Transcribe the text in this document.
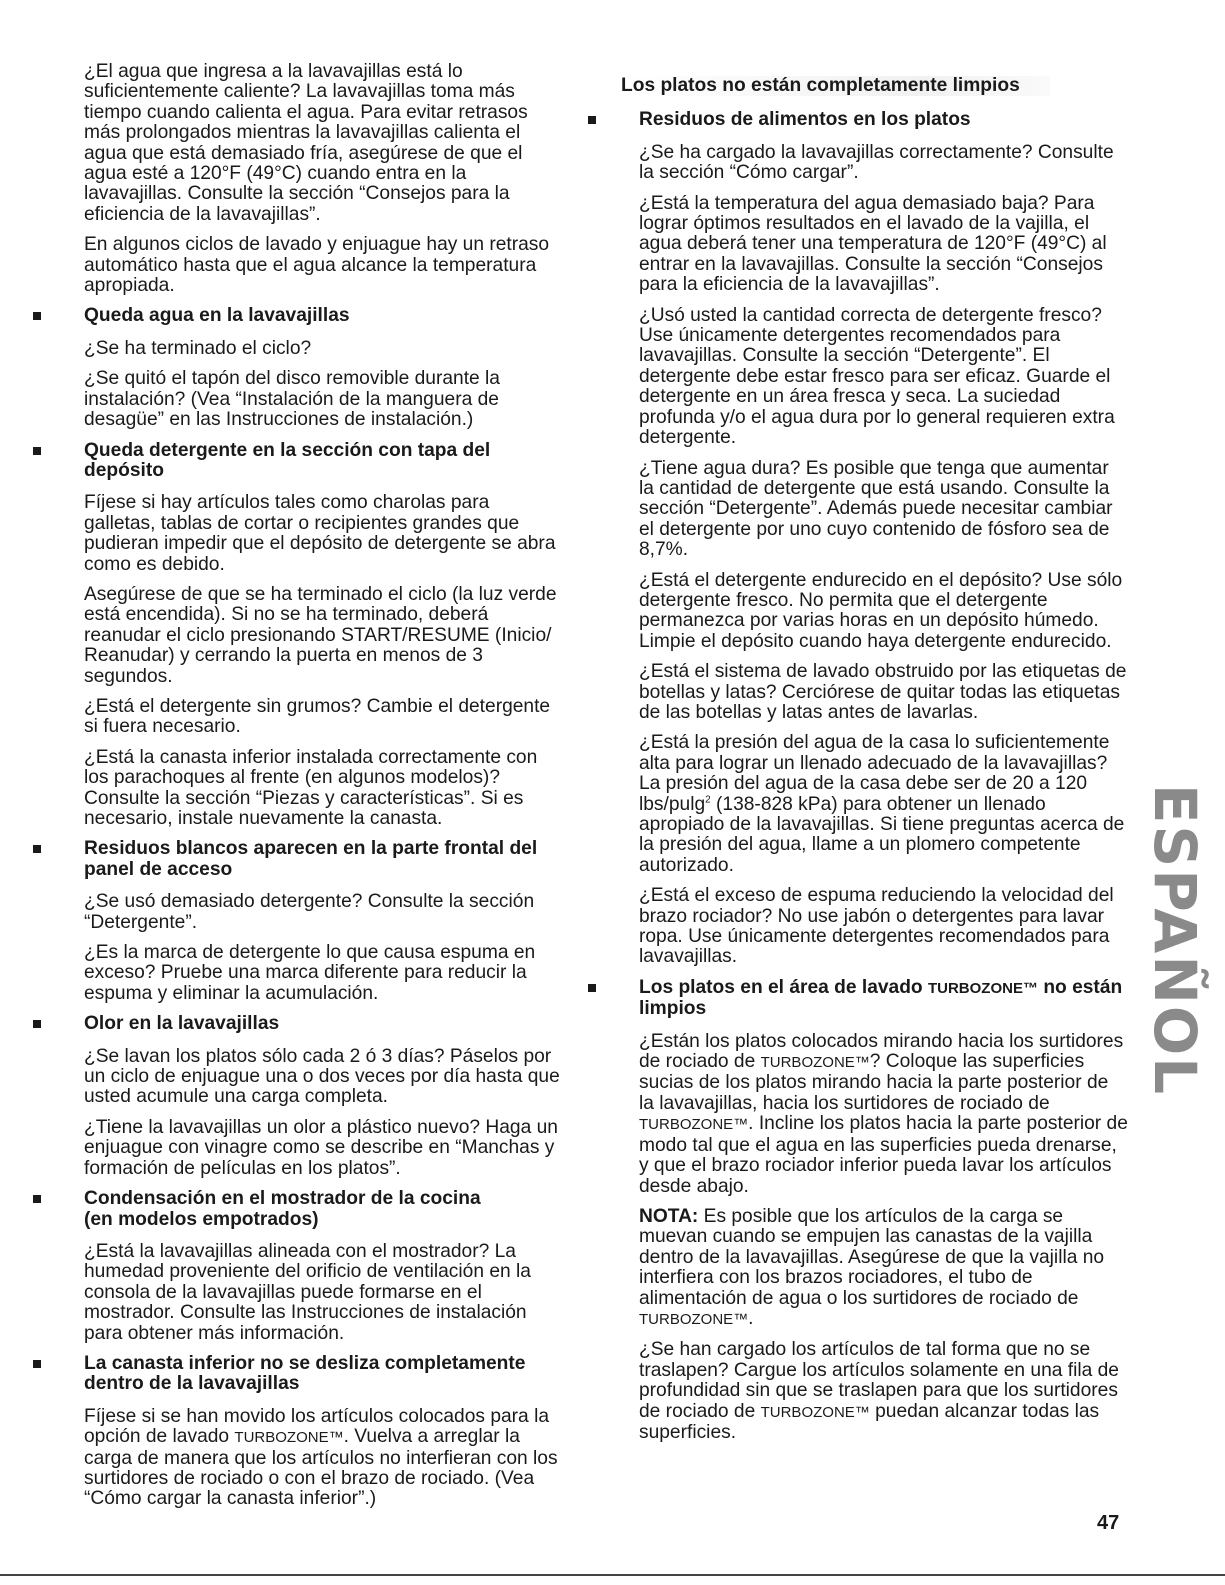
¿El agua que ingresa a la lavavajillas está lo suficientemente caliente? La lavavajillas toma más tiempo cuando calienta el agua. Para evitar retrasos más prolongados mientras la lavavajillas calienta el agua que está demasiado fría, asegúrese de que el agua esté a 120°F (49°C) cuando entra en la lavavajillas. Consulte la sección “Consejos para la eficiencia de la lavavajillas”.

En algunos ciclos de lavado y enjuague hay un retraso automático hasta que el agua alcance la temperatura apropiada.

Queda agua en la lavavajillas

¿Se ha terminado el ciclo?

¿Se quitó el tapón del disco removible durante la instalación? (Vea “Instalación de la manguera de desagüe” en las Instrucciones de instalación.)

Queda detergente en la sección con tapa del depósito

Fíjese si hay artículos tales como charolas para galletas, tablas de cortar o recipientes grandes que pudieran impedir que el depósito de detergente se abra como es debido.

Asegúrese de que se ha terminado el ciclo (la luz verde está encendida). Si no se ha terminado, deberá reanudar el ciclo presionando START/RESUME (Inicio/ Reanudar) y cerrando la puerta en menos de 3 segundos.

¿Está el detergente sin grumos? Cambie el detergente si fuera necesario.

¿Está la canasta inferior instalada correctamente con los parachoques al frente (en algunos modelos)? Consulte la sección “Piezas y características”. Si es necesario, instale nuevamente la canasta.

Residuos blancos aparecen en la parte frontal del panel de acceso

¿Se usó demasiado detergente? Consulte la sección “Detergente”.

¿Es la marca de detergente lo que causa espuma en exceso? Pruebe una marca diferente para reducir la espuma y eliminar la acumulación.

Olor en la lavavajillas

¿Se lavan los platos sólo cada 2 ó 3 días? Páselos por un ciclo de enjuague una o dos veces por día hasta que usted acumule una carga completa.

¿Tiene la lavavajillas un olor a plástico nuevo? Haga un enjuague con vinagre como se describe en “Manchas y formación de películas en los platos”.

Condensación en el mostrador de la cocina
(en modelos empotrados)

¿Está la lavavajillas alineada con el mostrador? La humedad proveniente del orificio de ventilación en la consola de la lavavajillas puede formarse en el mostrador. Consulte las Instrucciones de instalación para obtener más información.

La canasta inferior no se desliza completamente dentro de la lavavajillas

Fíjese si se han movido los artículos colocados para la opción de lavado TURBOZONE™. Vuelva a arreglar la carga de manera que los artículos no interfieran con los surtidores de rociado o con el brazo de rociado. (Vea “Cómo cargar la canasta inferior”.)

Los platos no están completamente limpios
Residuos de alimentos en los platos

¿Se ha cargado la lavavajillas correctamente? Consulte la sección “Cómo cargar”.

¿Está la temperatura del agua demasiado baja? Para lograr óptimos resultados en el lavado de la vajilla, el agua deberá tener una temperatura de 120°F (49°C) al entrar en la lavavajillas. Consulte la sección “Consejos para la eficiencia de la lavavajillas”.

¿Usó usted la cantidad correcta de detergente fresco? Use únicamente detergentes recomendados para lavavajillas. Consulte la sección “Detergente”. El detergente debe estar fresco para ser eficaz. Guarde el detergente en un área fresca y seca. La suciedad profunda y/o el agua dura por lo general requieren extra detergente.

¿Tiene agua dura? Es posible que tenga que aumentar la cantidad de detergente que está usando. Consulte la sección “Detergente”. Además puede necesitar cambiar el detergente por uno cuyo contenido de fósforo sea de 8,7%.

¿Está el detergente endurecido en el depósito? Use sólo detergente fresco. No permita que el detergente permanezca por varias horas en un depósito húmedo. Limpie el depósito cuando haya detergente endurecido.

¿Está el sistema de lavado obstruido por las etiquetas de botellas y latas? Cerciórese de quitar todas las etiquetas de las botellas y latas antes de lavarlas.

¿Está la presión del agua de la casa lo suficientemente alta para lograr un llenado adecuado de la lavavajillas? La presión del agua de la casa debe ser de 20 a 120 lbs/pulg$^2$ (138-828 kPa) para obtener un llenado apropiado de la lavavajillas. Si tiene preguntas acerca de la presión del agua, llame a un plomero competente autorizado.

¿Está el exceso de espuma reduciendo la velocidad del brazo rociador? No use jabón o detergentes para lavar ropa. Use únicamente detergentes recomendados para lavavajillas.

Los platos en el área de lavado TURBOZONE™ no están limpios

¿Están los platos colocados mirando hacia los surtidores de rociado de TURBOZONE™? Coloque las superficies sucias de los platos mirando hacia la parte posterior de la lavavajillas, hacia los surtidores de rociado de TURBOZONE™. Incline los platos hacia la parte posterior de modo tal que el agua en las superficies pueda drenarse, y que el brazo rociador inferior pueda lavar los artículos desde abajo.

NOTA: Es posible que los artículos de la carga se muevan cuando se empujen las canastas de la vajilla dentro de la lavavajillas. Asegúrese de que la vajilla no interfiera con los brazos rociadores, el tubo de alimentación de agua o los surtidores de rociado de TURBOZONE™.

¿Se han cargado los artículos de tal forma que no se traslapen? Cargue los artículos solamente en una fila de profundidad sin que se traslapen para que los surtidores de rociado de TURBOZONE™ puedan alcanzar todas las superficies.

ESPAÑOL
47
